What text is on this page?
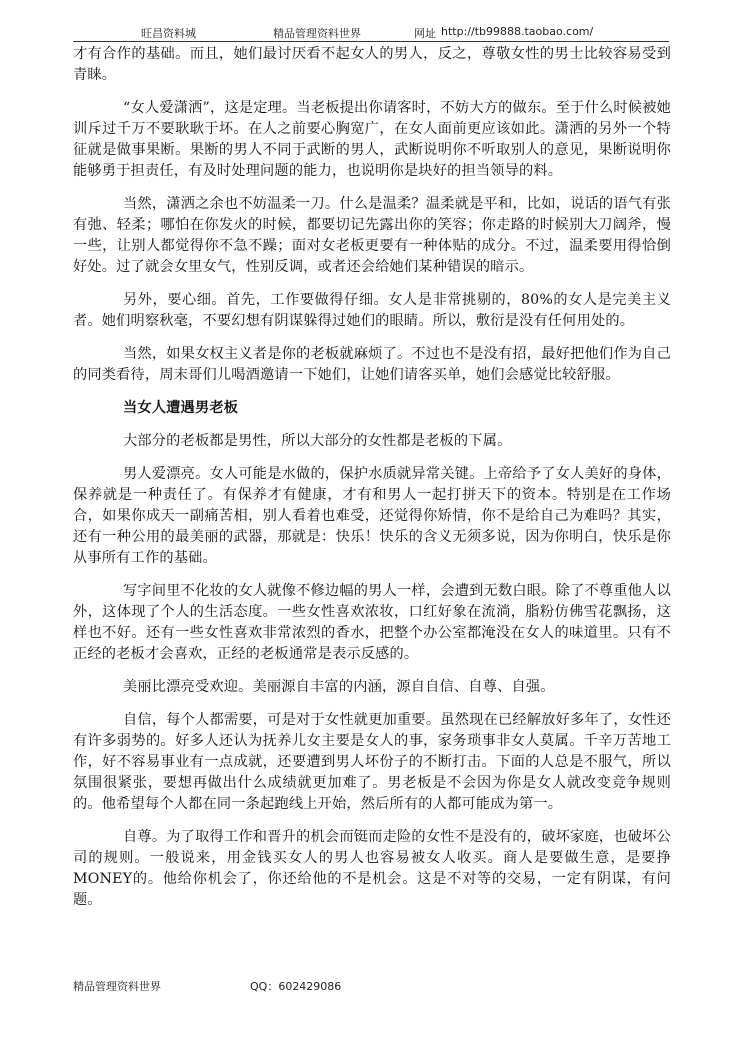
旺昌资料城	精品管理资料世界	网址 http://tb99888.taobao.com/

才有合作的基础。而且，她们最讨厌看不起女人的男人，反之，尊敬女性的男士比较容易受到青睐。

“女人爱潇洒”，这是定理。当老板提出你请客时，不妨大方的做东。至于什么时候被她训斥过千万不要耿耿于坏。在人之前要心胸宽广，在女人面前更应该如此。潇洒的另外一个特征就是做事果断。果断的男人不同于武断的男人，武断说明你不听取别人的意见，果断说明你能够勇于担责任，有及时处理问题的能力，也说明你是块好的担当领导的料。

当然，潇洒之余也不妨温柔一刀。什么是温柔？温柔就是平和，比如，说话的语气有张有弛、轻柔；哪怕在你发火的时候，都要切记先露出你的笑容；你走路的时候别大刀阔斧，慢一些，让别人都觉得你不急不躁；面对女老板更要有一种体贴的成分。不过，温柔要用得恰倒好处。过了就会女里女气，性别反调，或者还会给她们某种错误的暗示。

另外，要心细。首先，工作要做得仔细。女人是非常挑剔的，80%的女人是完美主义者。她们明察秋毫，不要幻想有阴谋躲得过她们的眼睛。所以，敷衍是没有任何用处的。

当然，如果女权主义者是你的老板就麻烦了。不过也不是没有招，最好把他们作为自己的同类看待，周末哥们儿喝酒邀请一下她们，让她们请客买单，她们会感觉比较舒服。

当女人遭遇男老板

大部分的老板都是男性，所以大部分的女性都是老板的下属。

男人爱漂亮。女人可能是水做的，保护水质就异常关键。上帝给予了女人美好的身体，保养就是一种责任了。有保养才有健康，才有和男人一起打拼天下的资本。特别是在工作场合，如果你成天一副痛苦相，别人看着也难受，还觉得你矫情，你不是给自己为难吗？其实，还有一种公用的最美丽的武器，那就是：快乐！快乐的含义无须多说，因为你明白，快乐是你从事所有工作的基础。

写字间里不化妆的女人就像不修边幅的男人一样，会遭到无数白眼。除了不尊重他人以外，这体现了个人的生活态度。一些女性喜欢浓妆，口红好象在流淌，脂粉仿佛雪花飘扬，这样也不好。还有一些女性喜欢非常浓烈的香水，把整个办公室都淹没在女人的味道里。只有不正经的老板才会喜欢，正经的老板通常是表示反感的。

美丽比漂亮受欢迎。美丽源自丰富的内涵，源自自信、自尊、自强。

自信，每个人都需要，可是对于女性就更加重要。虽然现在已经解放好多年了，女性还有许多弱势的。好多人还认为抚养儿女主要是女人的事，家务琐事非女人莫属。千辛万苦地工作，好不容易事业有一点成就，还要遭到男人坏份子的不断打击。下面的人总是不服气，所以氛围很紧张，要想再做出什么成绩就更加难了。男老板是不会因为你是女人就改变竞争规则的。他希望每个人都在同一条起跑线上开始，然后所有的人都可能成为第一。

自尊。为了取得工作和晋升的机会而铤而走险的女性不是没有的，破坏家庭，也破坏公司的规则。一般说来，用金钱买女人的男人也容易被女人收买。商人是要做生意，是要挣MONEY的。他给你机会了，你还给他的不是机会。这是不对等的交易，一定有阴谋，有问题。

精品管理资料世界	QQ：602429086
